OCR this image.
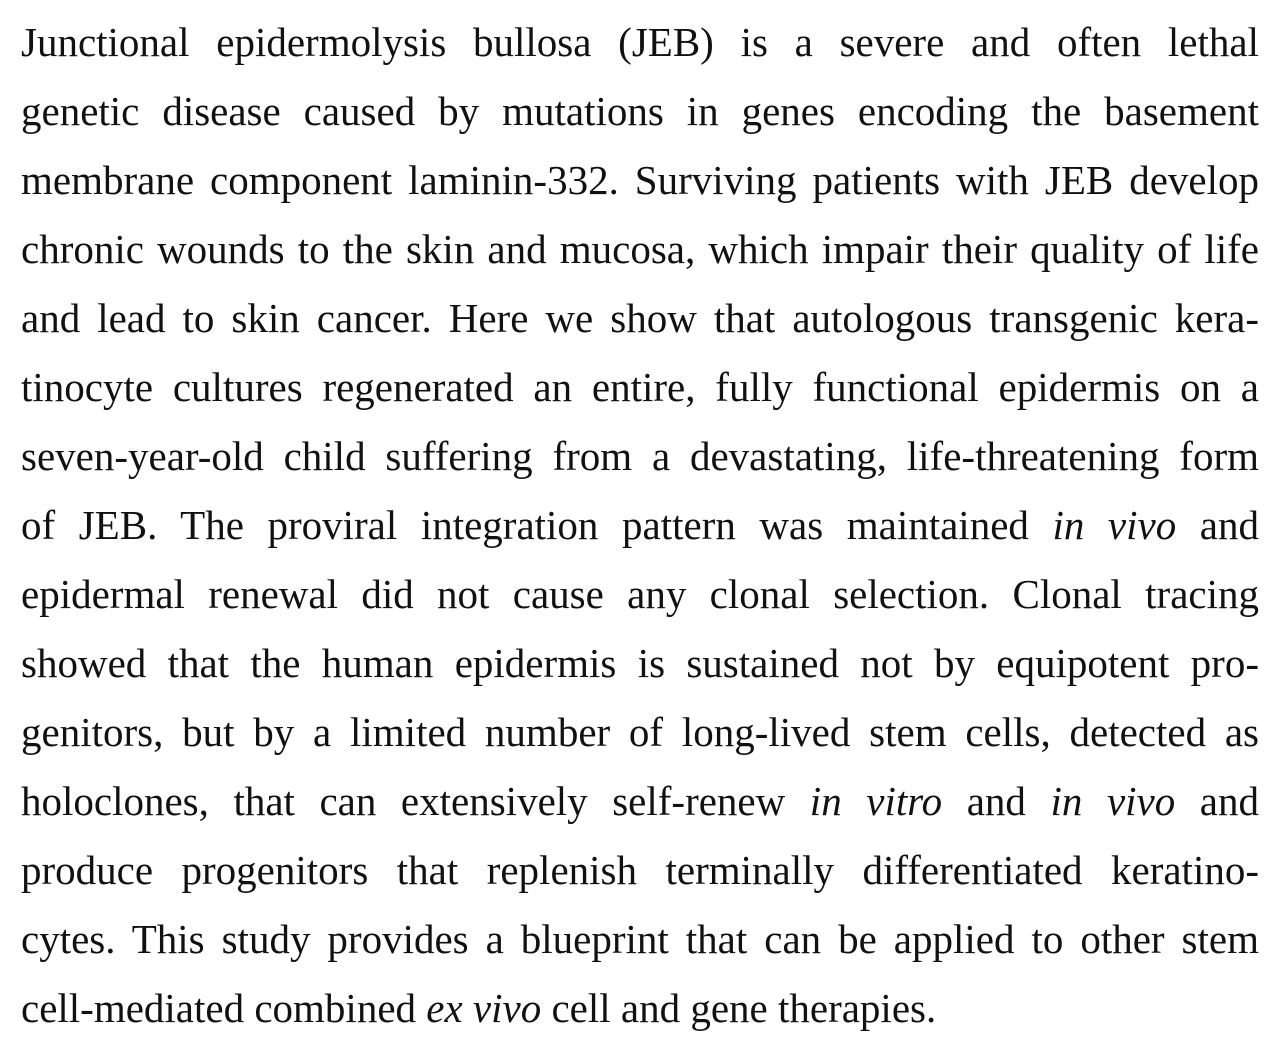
Junctional epidermolysis bullosa (JEB) is a severe and often lethal
genetic disease caused by mutations in genes encoding the basement
membrane component laminin-332. Surviving patients with JEB develop
chronic wounds to the skin and mucosa, which impair their quality of life
and lead to skin cancer. Here we show that autologous transgenic kera-
tinocyte cultures regenerated an entire, fully functional epidermis on a
seven-year-old child suffering from a devastating, life-threatening form
of JEB. The proviral integration pattern was maintained in vivo and
epidermal renewal did not cause any clonal selection. Clonal tracing
showed that the human epidermis is sustained not by equipotent pro-
genitors, but by a limited number of long-lived stem cells, detected as
holoclones, that can extensively self-renew in vitro and in vivo and
produce progenitors that replenish terminally differentiated keratino-
cytes. This study provides a blueprint that can be applied to other stem
cell-mediated combined ex vivo cell and gene therapies.
